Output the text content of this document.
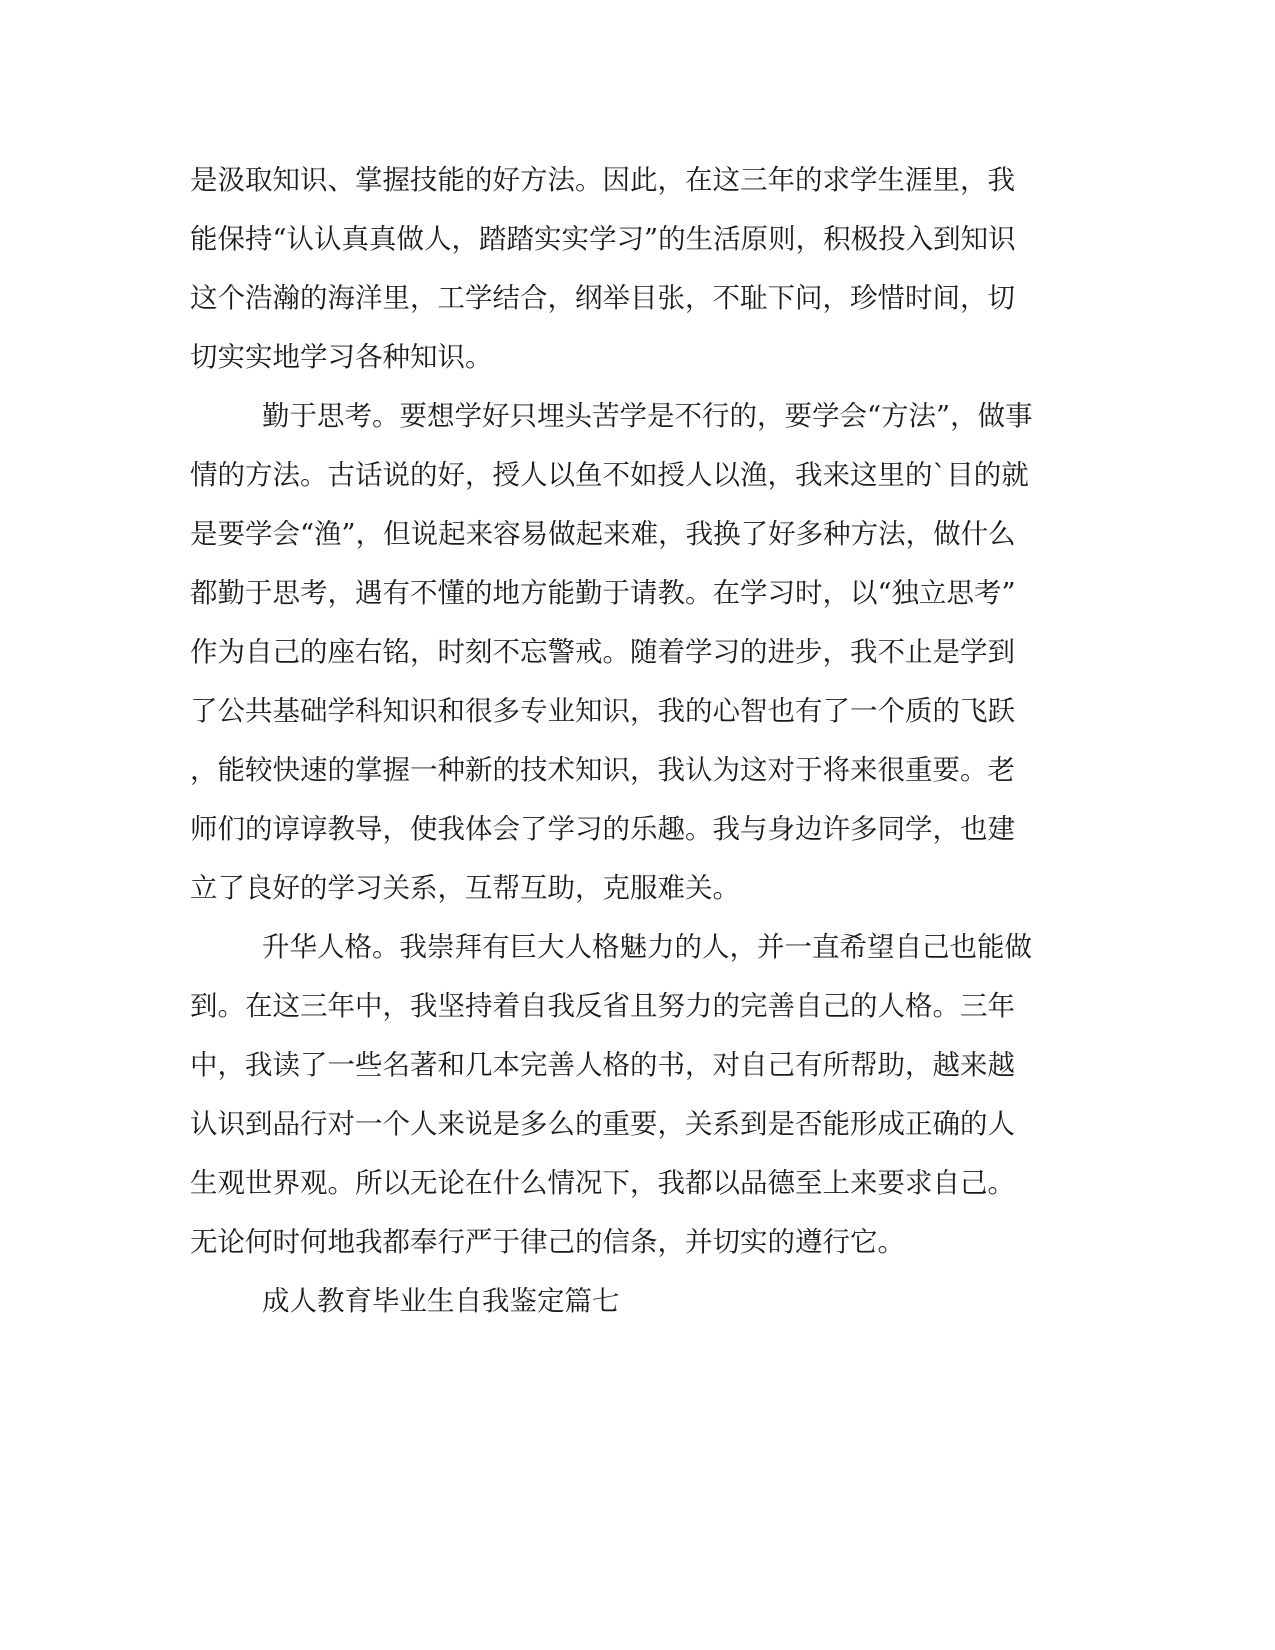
是汲取知识、掌握技能的好方法。因此，在这三年的求学生涯里，我

能保持“认认真真做人，踏踏实实学习”的生活原则，积极投入到知识

这个浩瀚的海洋里，工学结合，纲举目张，不耻下问，珍惜时间，切

切实实地学习各种知识。

勤于思考。要想学好只埋头苦学是不行的，要学会“方法”，做事

情的方法。古话说的好，授人以鱼不如授人以渔，我来这里的`目的就

是要学会“渔”，但说起来容易做起来难，我换了好多种方法，做什么

都勤于思考，遇有不懂的地方能勤于请教。在学习时，以“独立思考”

作为自己的座右铭，时刻不忘警戒。随着学习的进步，我不止是学到

了公共基础学科知识和很多专业知识，我的心智也有了一个质的飞跃

，能较快速的掌握一种新的技术知识，我认为这对于将来很重要。老

师们的谆谆教导，使我体会了学习的乐趣。我与身边许多同学，也建

立了良好的学习关系，互帮互助，克服难关。

升华人格。我崇拜有巨大人格魅力的人，并一直希望自己也能做

到。在这三年中，我坚持着自我反省且努力的完善自己的人格。三年

中，我读了一些名著和几本完善人格的书，对自己有所帮助，越来越

认识到品行对一个人来说是多么的重要，关系到是否能形成正确的人

生观世界观。所以无论在什么情况下，我都以品德至上来要求自己。

无论何时何地我都奉行严于律己的信条，并切实的遵行它。

成人教育毕业生自我鉴定篇七
